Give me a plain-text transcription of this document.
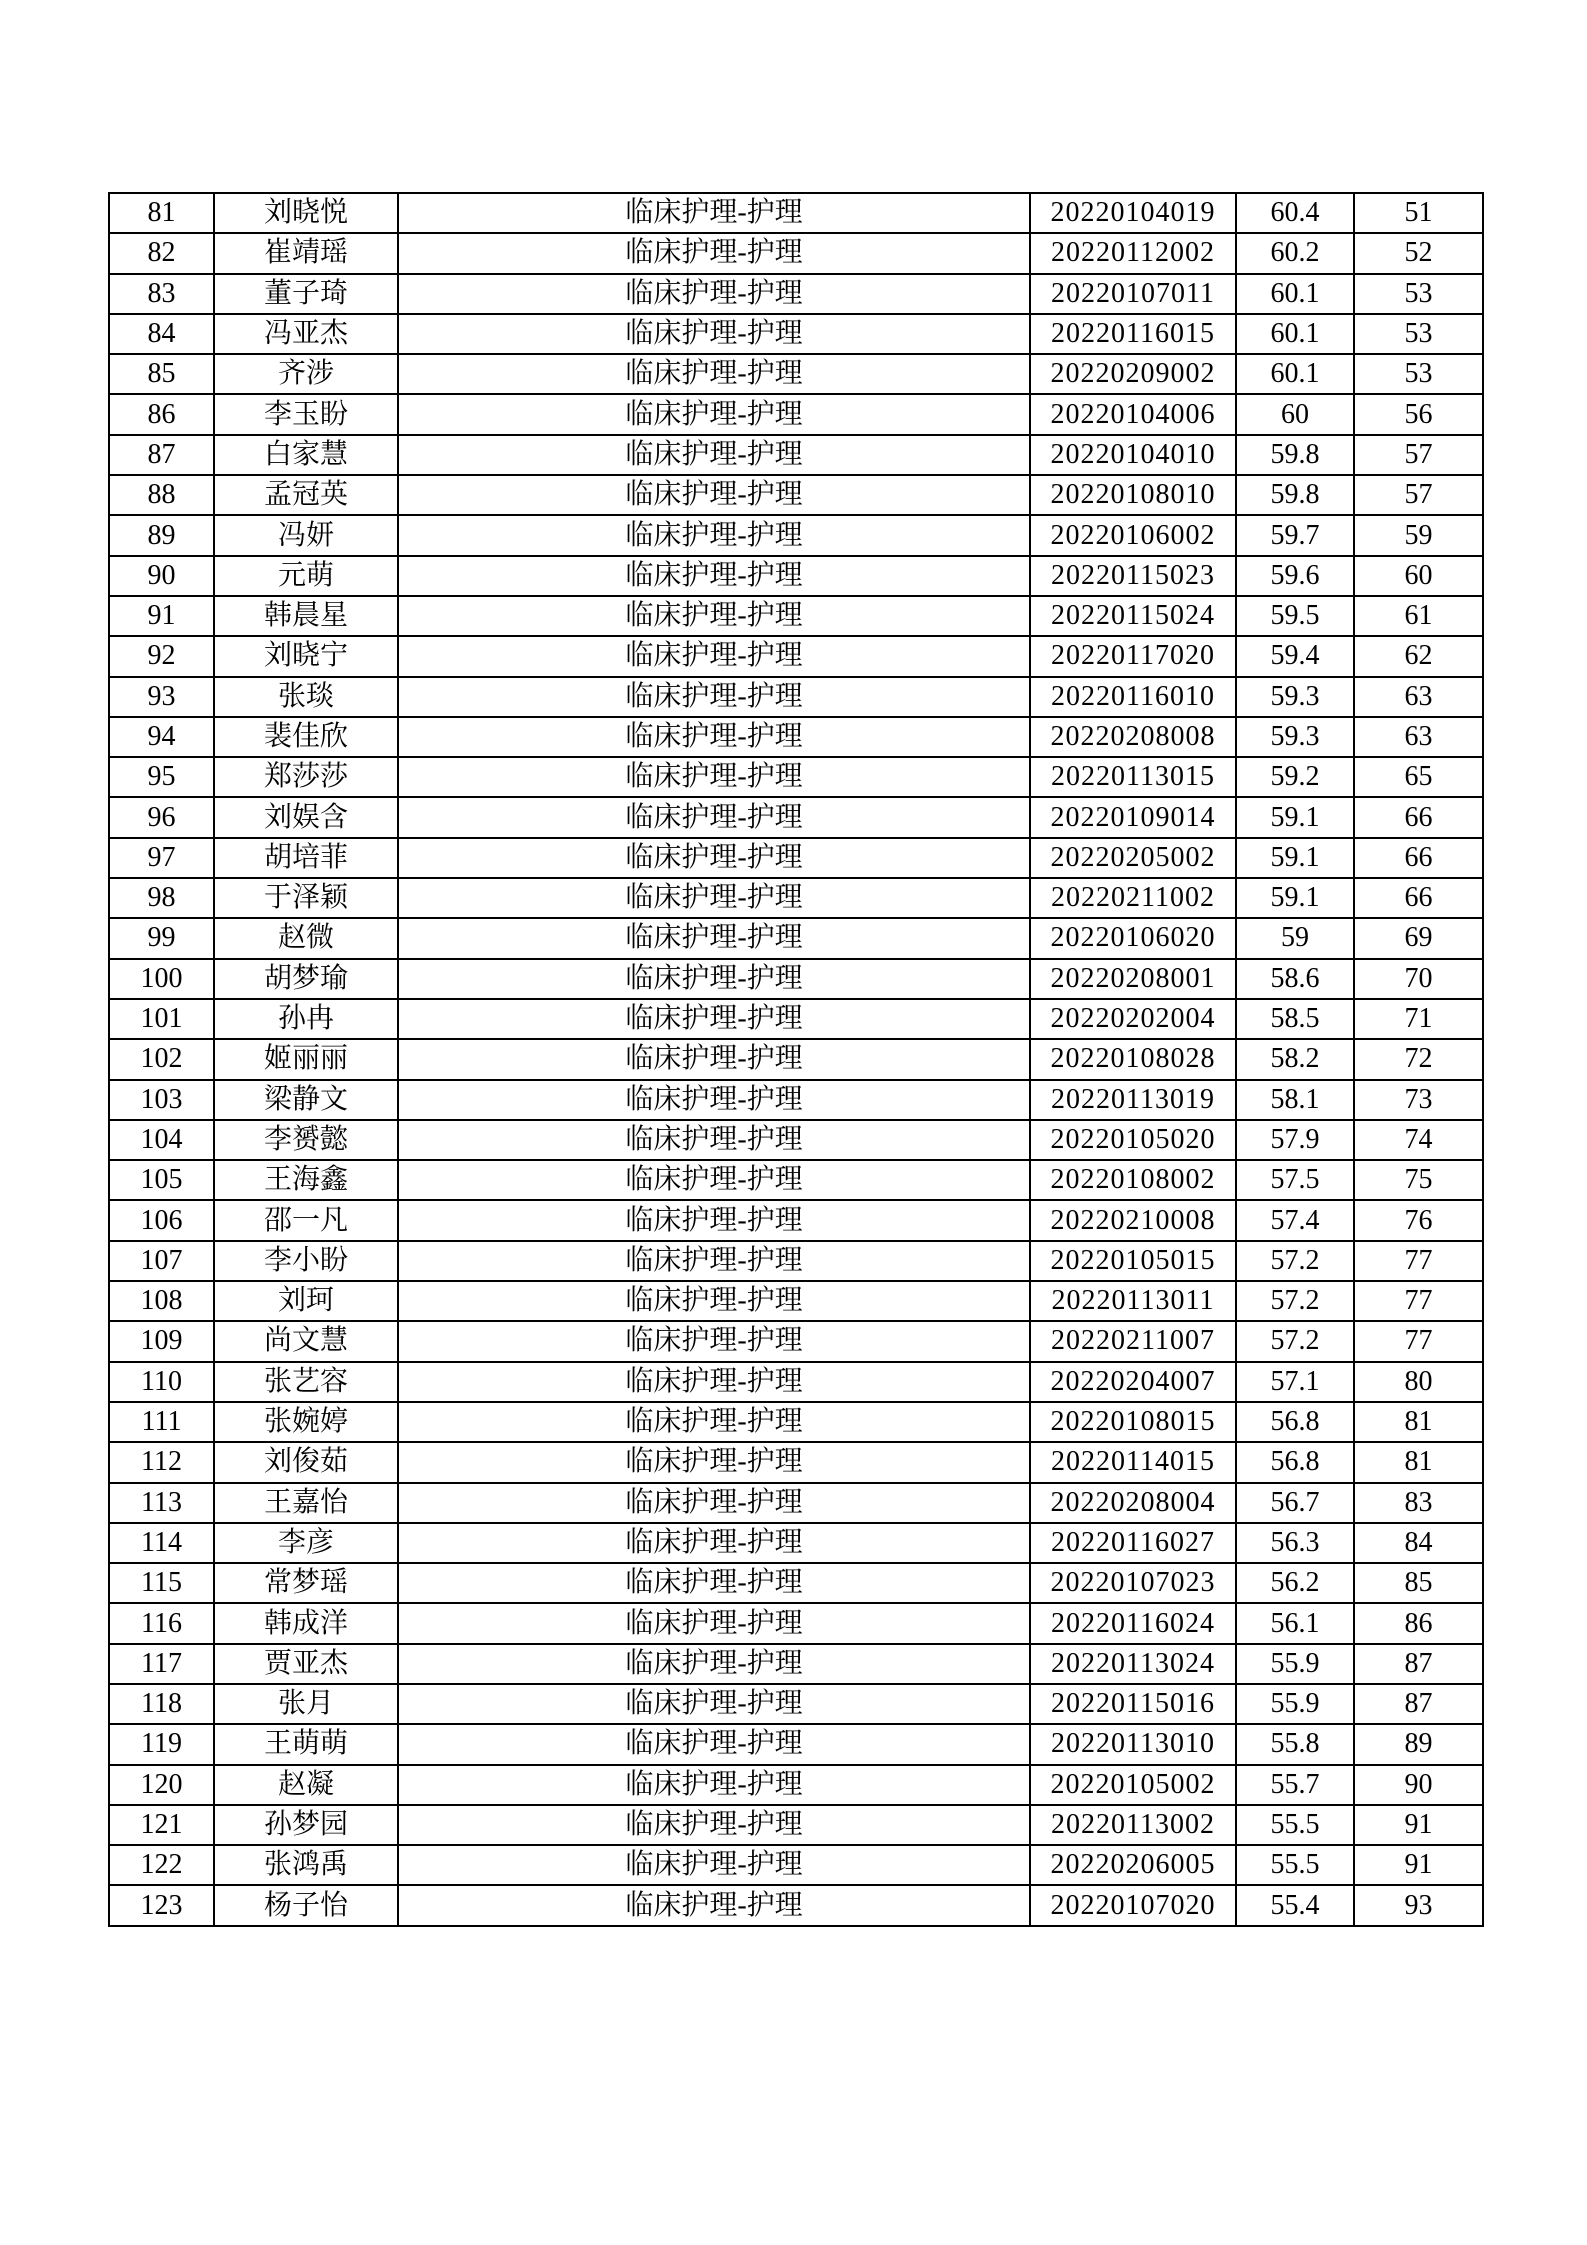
81	刘晓悦	临床护理-护理	20220104019	60.4	51
82	崔靖瑶	临床护理-护理	20220112002	60.2	52
83	董子琦	临床护理-护理	20220107011	60.1	53
84	冯亚杰	临床护理-护理	20220116015	60.1	53
85	齐涉	临床护理-护理	20220209002	60.1	53
86	李玉盼	临床护理-护理	20220104006	60	56
87	白家慧	临床护理-护理	20220104010	59.8	57
88	孟冠英	临床护理-护理	20220108010	59.8	57
89	冯妍	临床护理-护理	20220106002	59.7	59
90	元萌	临床护理-护理	20220115023	59.6	60
91	韩晨星	临床护理-护理	20220115024	59.5	61
92	刘晓宁	临床护理-护理	20220117020	59.4	62
93	张琰	临床护理-护理	20220116010	59.3	63
94	裴佳欣	临床护理-护理	20220208008	59.3	63
95	郑莎莎	临床护理-护理	20220113015	59.2	65
96	刘娱含	临床护理-护理	20220109014	59.1	66
97	胡培菲	临床护理-护理	20220205002	59.1	66
98	于泽颖	临床护理-护理	20220211002	59.1	66
99	赵微	临床护理-护理	20220106020	59	69
100	胡梦瑜	临床护理-护理	20220208001	58.6	70
101	孙冉	临床护理-护理	20220202004	58.5	71
102	姬丽丽	临床护理-护理	20220108028	58.2	72
103	梁静文	临床护理-护理	20220113019	58.1	73
104	李赟懿	临床护理-护理	20220105020	57.9	74
105	王海鑫	临床护理-护理	20220108002	57.5	75
106	邵一凡	临床护理-护理	20220210008	57.4	76
107	李小盼	临床护理-护理	20220105015	57.2	77
108	刘珂	临床护理-护理	20220113011	57.2	77
109	尚文慧	临床护理-护理	20220211007	57.2	77
110	张艺容	临床护理-护理	20220204007	57.1	80
111	张婉婷	临床护理-护理	20220108015	56.8	81
112	刘俊茹	临床护理-护理	20220114015	56.8	81
113	王嘉怡	临床护理-护理	20220208004	56.7	83
114	李彦	临床护理-护理	20220116027	56.3	84
115	常梦瑶	临床护理-护理	20220107023	56.2	85
116	韩成洋	临床护理-护理	20220116024	56.1	86
117	贾亚杰	临床护理-护理	20220113024	55.9	87
118	张月	临床护理-护理	20220115016	55.9	87
119	王萌萌	临床护理-护理	20220113010	55.8	89
120	赵凝	临床护理-护理	20220105002	55.7	90
121	孙梦园	临床护理-护理	20220113002	55.5	91
122	张鸿禹	临床护理-护理	20220206005	55.5	91
123	杨子怡	临床护理-护理	20220107020	55.4	93
